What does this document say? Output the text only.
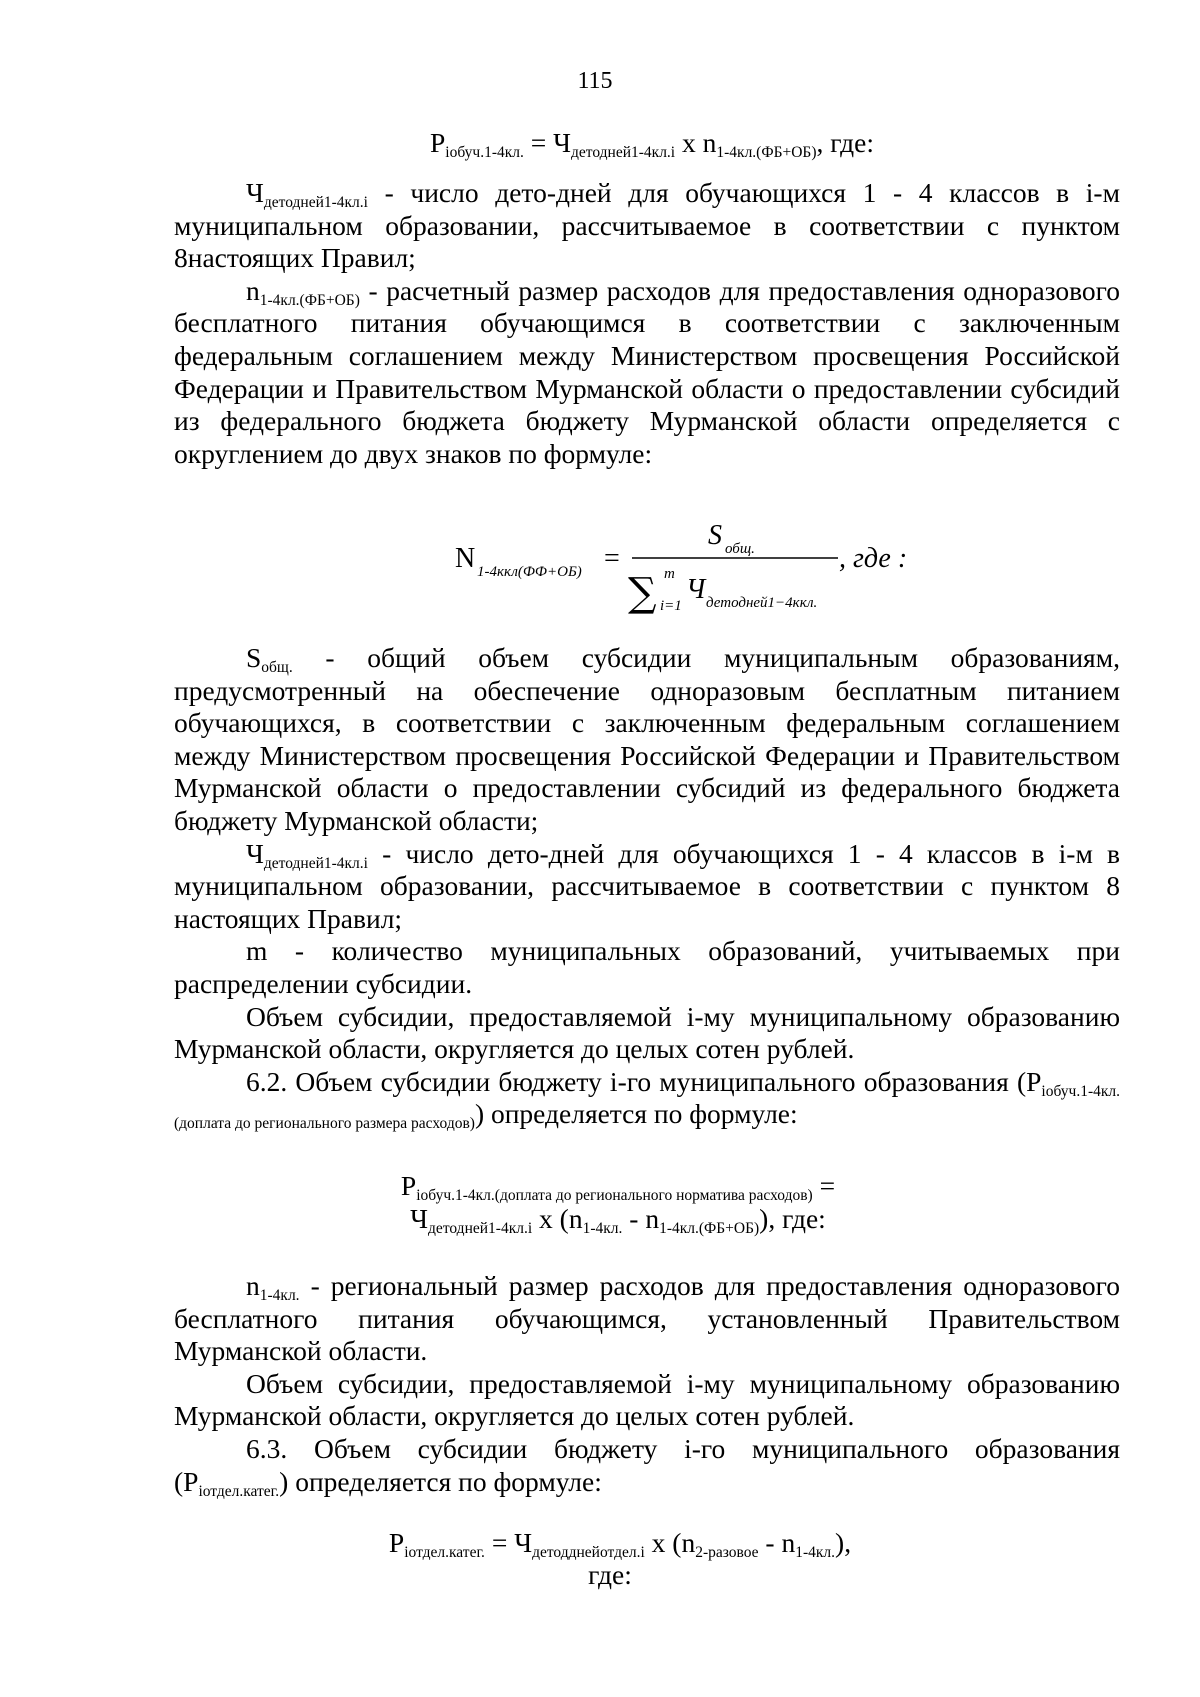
115
Piобуч.1-4кл. = Чдетодней1-4кл.i x n1-4кл.(ФБ+ОБ), где:

Чдетодней1-4кл.i - число дето-дней для обучающихся 1 - 4 классов в i-м муниципальном образовании, рассчитываемое в соответствии с пунктом 8настоящих Правил;

n1-4кл.(ФБ+ОБ) - расчетный размер расходов для предоставления одноразового бесплатного питания обучающимся в соответствии с заключенным федеральным соглашением между Министерством просвещения Российской Федерации и Правительством Мурманской области о предоставлении субсидий из федерального бюджета бюджету Мурманской области определяется с округлением до двух знаков по формуле:

N 1-4ккл(ФФ+ОБ) =
S общ.
∑ m
i=1
Ч детодней1−4ккл.
, где :

Sобщ. - общий объем субсидии муниципальным образованиям, предусмотренный на обеспечение одноразовым бесплатным питанием обучающихся, в соответствии с заключенным федеральным соглашением между Министерством просвещения Российской Федерации и Правительством Мурманской области о предоставлении субсидий из федерального бюджета бюджету Мурманской области;

Чдетодней1-4кл.i - число дето-дней для обучающихся 1 - 4 классов в i-м в муниципальном образовании, рассчитываемое в соответствии с пунктом 8 настоящих Правил;

m - количество муниципальных образований, учитываемых при распределении субсидии.

Объем субсидии, предоставляемой i-му муниципальному образованию Мурманской области, округляется до целых сотен рублей.

6.2. Объем субсидии бюджету i-го муниципального образования (Piобуч.1-4кл.(доплата до регионального размера расходов)) определяется по формуле:

Piобуч.1-4кл.(доплата до регионального норматива расходов) =
Чдетодней1-4кл.i x (n1-4кл. - n1-4кл.(ФБ+ОБ)), где:

n1-4кл. - региональный размер расходов для предоставления одноразового бесплатного питания обучающимся, установленный Правительством Мурманской области.

Объем субсидии, предоставляемой i-му муниципальному образованию Мурманской области, округляется до целых сотен рублей.

6.3. Объем субсидии бюджету i-го муниципального образования (Piотдел.катег.) определяется по формуле:

Piотдел.катег. = Чдетодднейотдел.i x (n2-разовое - n1-4кл.),
где:
